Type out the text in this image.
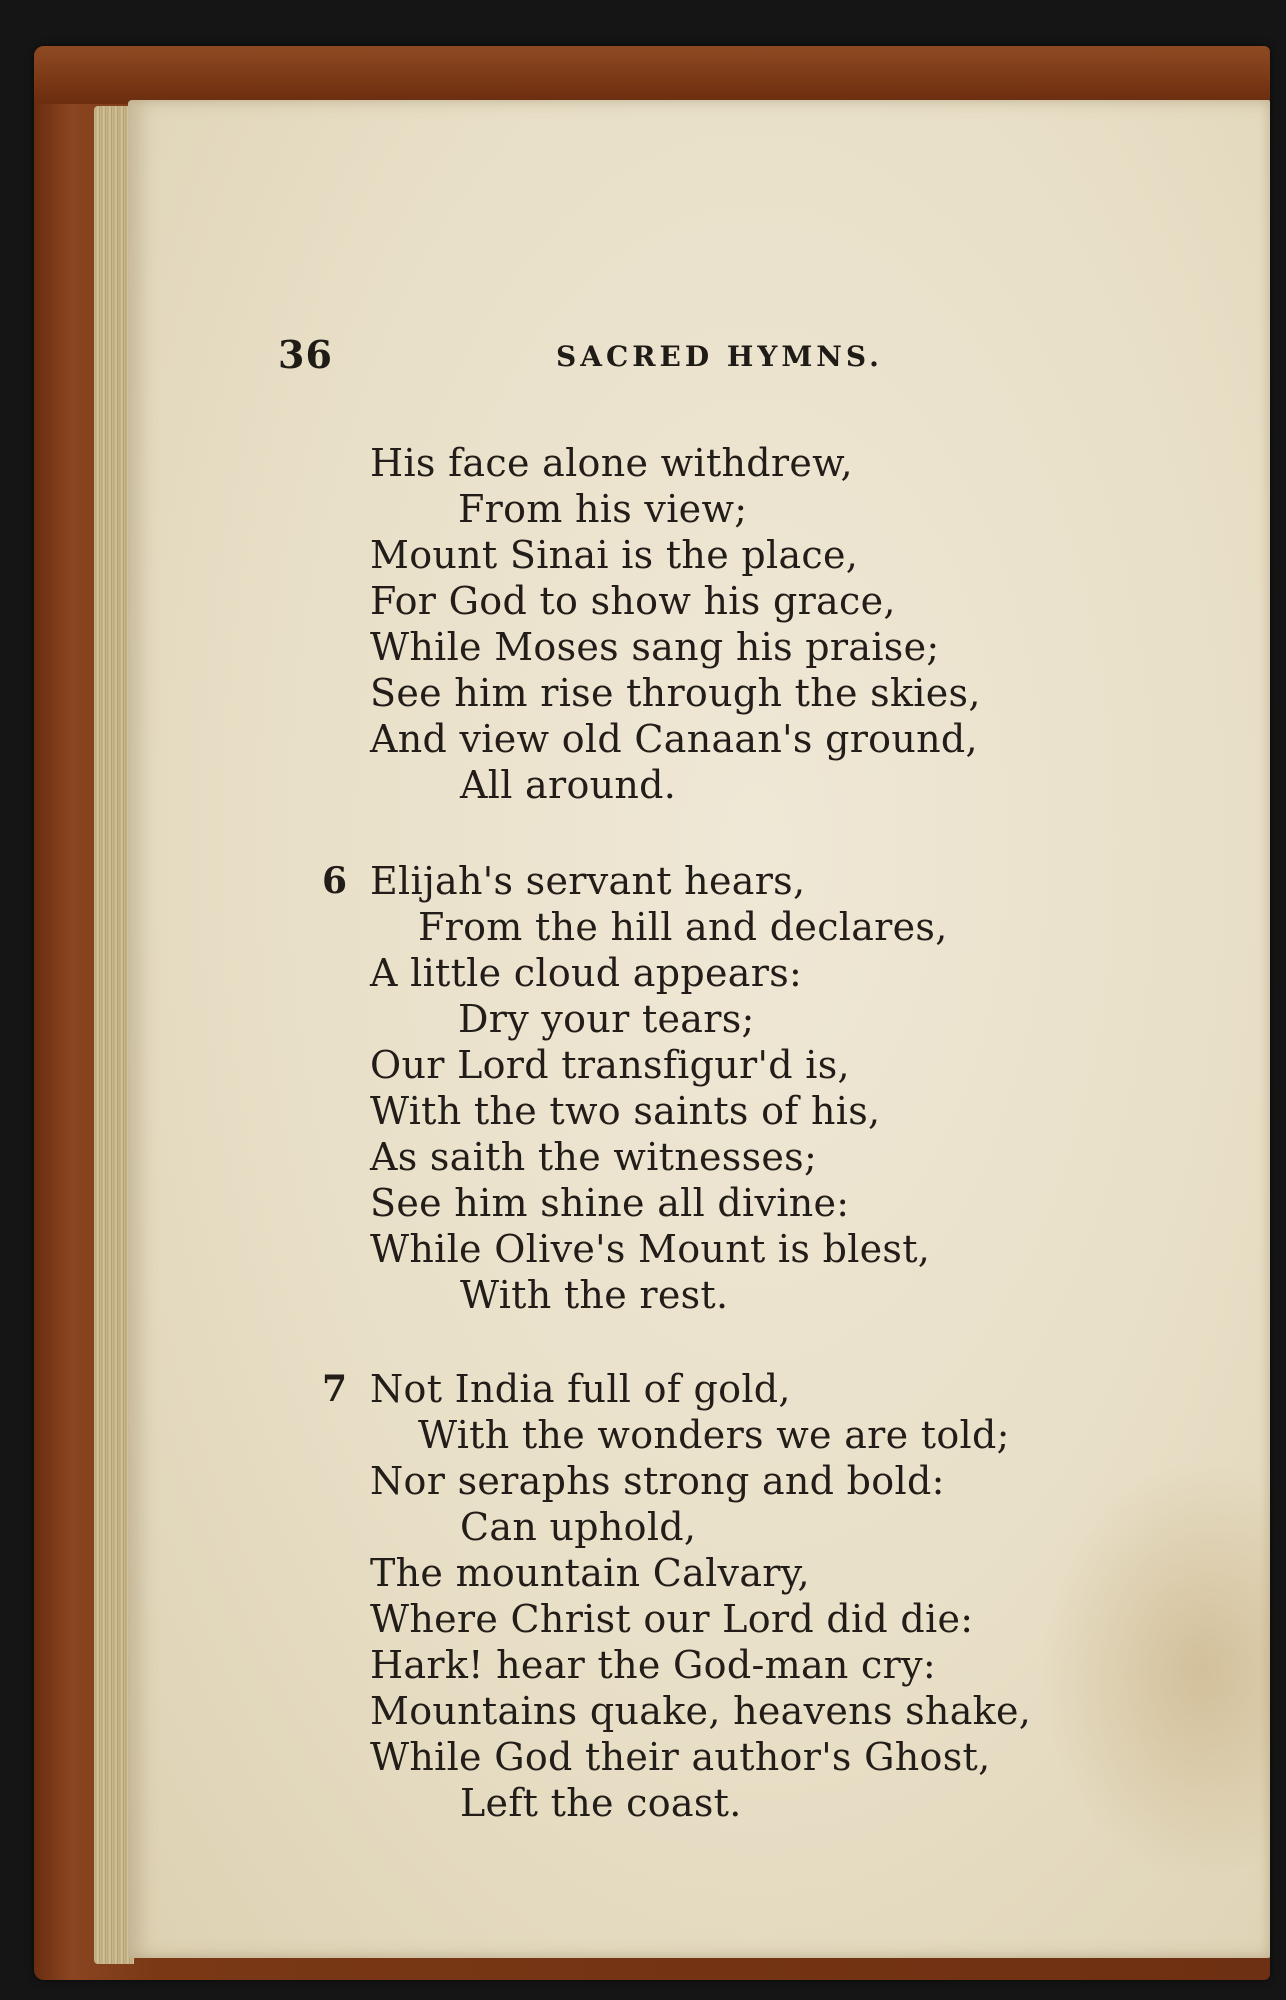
36	SACRED HYMNS.
His face alone withdrew,
From his view;
Mount Sinai is the place,
For God to show his grace,
While Moses sang his praise;
See him rise through the skies,
And view old Canaan's ground,
All around.
6 Elijah's servant hears,
From the hill and declares,
A little cloud appears:
Dry your tears;
Our Lord transfigur'd is,
With the two saints of his,
As saith the witnesses;
See him shine all divine:
While Olive's Mount is blest,
With the rest.
7 Not India full of gold,
With the wonders we are told;
Nor seraphs strong and bold:
Can uphold,
The mountain Calvary,
Where Christ our Lord did die:
Hark! hear the God-man cry:
Mountains quake, heavens shake,
While God their author's Ghost,
Left the coast.
